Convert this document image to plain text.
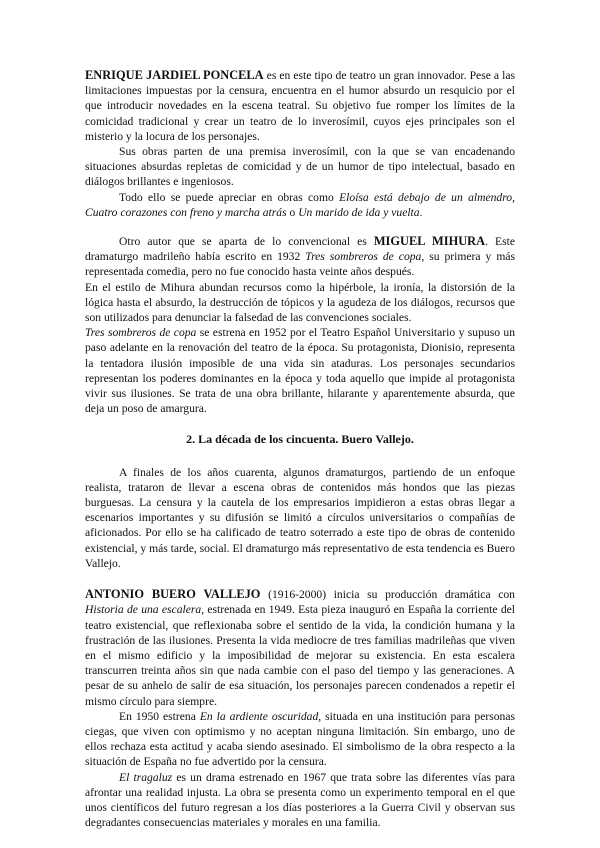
ENRIQUE JARDIEL PONCELA es en este tipo de teatro un gran innovador. Pese a las limitaciones impuestas por la censura, encuentra en el humor absurdo un resquicio por el que introducir novedades en la escena teatral. Su objetivo fue romper los límites de la comicidad tradicional y crear un teatro de lo inverosímil, cuyos ejes principales son el misterio y la locura de los personajes.

Sus obras parten de una premisa inverosímil, con la que se van encadenando situaciones absurdas repletas de comicidad y de un humor de tipo intelectual, basado en diálogos brillantes e ingeniosos.

Todo ello se puede apreciar en obras como Eloísa está debajo de un almendro, Cuatro corazones con freno y marcha atrás o Un marido de ida y vuelta.

Otro autor que se aparta de lo convencional es MIGUEL MIHURA. Este dramaturgo madrileño había escrito en 1932 Tres sombreros de copa, su primera y más representada comedia, pero no fue conocido hasta veinte años después.

En el estilo de Mihura abundan recursos como la hipérbole, la ironía, la distorsión de la lógica hasta el absurdo, la destrucción de tópicos y la agudeza de los diálogos, recursos que son utilizados para denunciar la falsedad de las convenciones sociales.

Tres sombreros de copa se estrena en 1952 por el Teatro Español Universitario y supuso un paso adelante en la renovación del teatro de la época. Su protagonista, Dionisio, representa la tentadora ilusión imposible de una vida sin ataduras. Los personajes secundarios representan los poderes dominantes en la época y toda aquello que impide al protagonista vivir sus ilusiones. Se trata de una obra brillante, hilarante y aparentemente absurda, que deja un poso de amargura.

2. La década de los cincuenta. Buero Vallejo.

A finales de los años cuarenta, algunos dramaturgos, partiendo de un enfoque realista, trataron de llevar a escena obras de contenidos más hondos que las piezas burguesas. La censura y la cautela de los empresarios impidieron a estas obras llegar a escenarios importantes y su difusión se limitó a círculos universitarios o compañías de aficionados. Por ello se ha calificado de teatro soterrado a este tipo de obras de contenido existencial, y más tarde, social. El dramaturgo más representativo de esta tendencia es Buero Vallejo.

ANTONIO BUERO VALLEJO (1916-2000) inicia su producción dramática con Historia de una escalera, estrenada en 1949. Esta pieza inauguró en España la corriente del teatro existencial, que reflexionaba sobre el sentido de la vida, la condición humana y la frustración de las ilusiones. Presenta la vida mediocre de tres familias madrileñas que viven en el mismo edificio y la imposibilidad de mejorar su existencia. En esta escalera transcurren treinta años sin que nada cambie con el paso del tiempo y las generaciones. A pesar de su anhelo de salir de esa situación, los personajes parecen condenados a repetir el mismo círculo para siempre.

En 1950 estrena En la ardiente oscuridad, situada en una institución para personas ciegas, que viven con optimismo y no aceptan ninguna limitación. Sin embargo, uno de ellos rechaza esta actitud y acaba siendo asesinado. El simbolismo de la obra respecto a la situación de España no fue advertido por la censura.

El tragaluz es un drama estrenado en 1967 que trata sobre las diferentes vías para afrontar una realidad injusta. La obra se presenta como un experimento temporal en el que unos científicos del futuro regresan a los días posteriores a la Guerra Civil y observan sus degradantes consecuencias materiales y morales en una familia.
